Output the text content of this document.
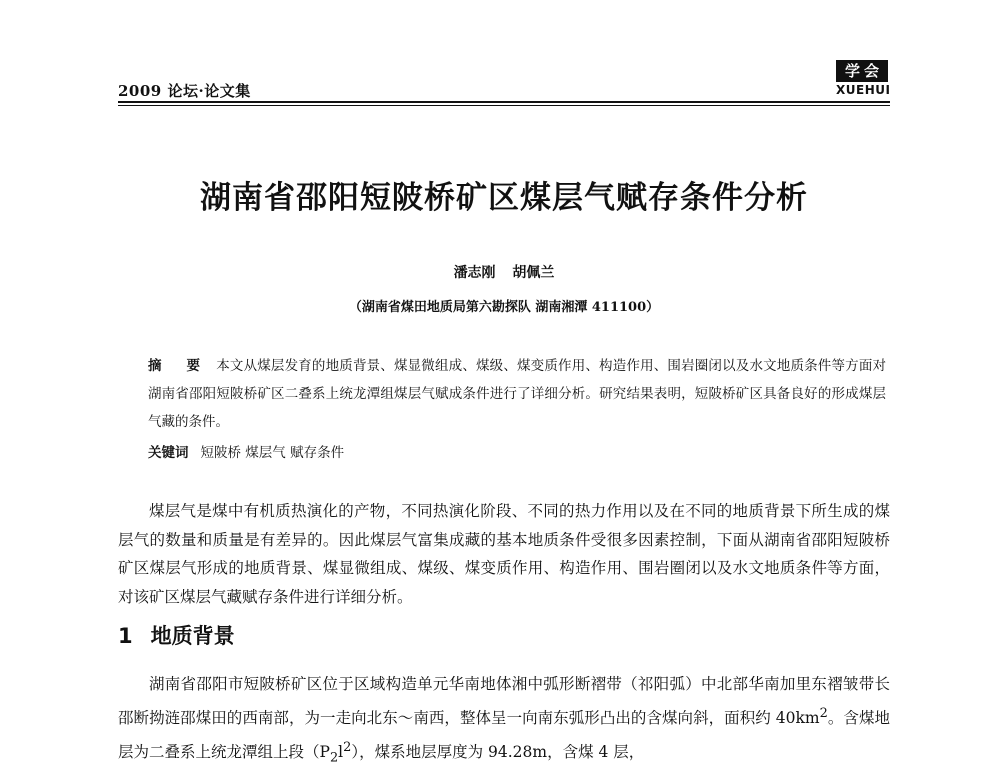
2009 论坛·论文集
学会
XUEHUI
湖南省邵阳短陂桥矿区煤层气赋存条件分析
潘志刚 胡佩兰
（湖南省煤田地质局第六勘探队 湖南湘潭 411100）
摘 要 本文从煤层发育的地质背景、煤显微组成、煤级、煤变质作用、构造作用、围岩圈闭以及水文地质条件等方面对湖南省邵阳短陂桥矿区二叠系上统龙潭组煤层气赋成条件进行了详细分析。研究结果表明，短陂桥矿区具备良好的形成煤层气藏的条件。
关键词 短陂桥 煤层气 赋存条件
煤层气是煤中有机质热演化的产物，不同热演化阶段、不同的热力作用以及在不同的地质背景下所生成的煤层气的数量和质量是有差异的。因此煤层气富集成藏的基本地质条件受很多因素控制，下面从湖南省邵阳短陂桥矿区煤层气形成的地质背景、煤显微组成、煤级、煤变质作用、构造作用、围岩圈闭以及水文地质条件等方面，对该矿区煤层气藏赋存条件进行详细分析。
1 地质背景
湖南省邵阳市短陂桥矿区位于区域构造单元华南地体湘中弧形断褶带（祁阳弧）中北部华南加里东褶皱带长邵断拗涟邵煤田的西南部，为一走向北东～南西，整体呈一向南东弧形凸出的含煤向斜，面积约 $40km^2$。含煤地层为二叠系上统龙潭组上段$(P_2l^2)$，煤系地层厚度为 94.28m，含煤 4 层，
